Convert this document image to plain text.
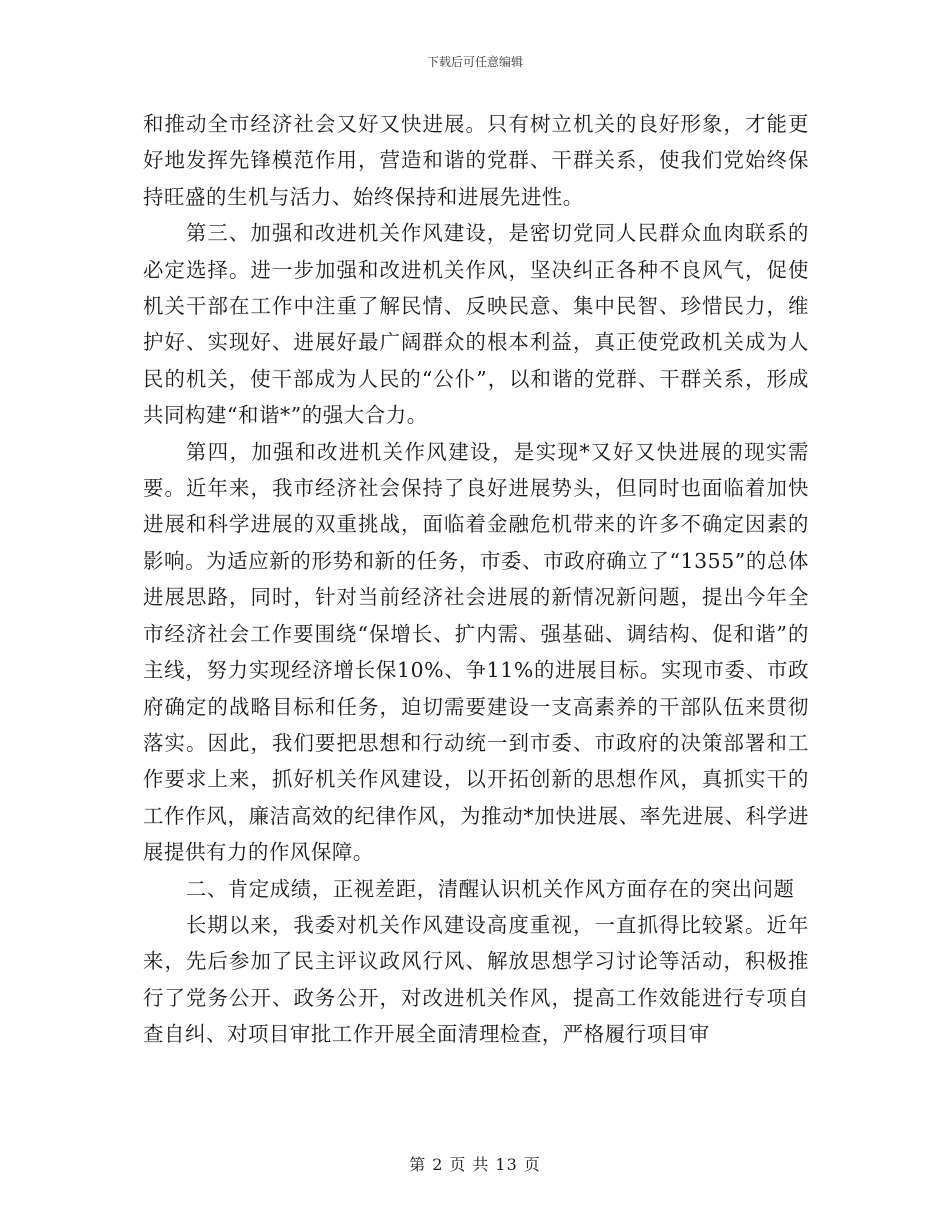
下载后可任意编辑

和推动全市经济社会又好又快进展。只有树立机关的良好形象，才能更好地发挥先锋模范作用，营造和谐的党群、干群关系，使我们党始终保持旺盛的生机与活力、始终保持和进展先进性。

第三、加强和改进机关作风建设，是密切党同人民群众血肉联系的必定选择。进一步加强和改进机关作风，坚决纠正各种不良风气，促使机关干部在工作中注重了解民情、反映民意、集中民智、珍惜民力，维护好、实现好、进展好最广阔群众的根本利益，真正使党政机关成为人民的机关，使干部成为人民的“公仆”，以和谐的党群、干群关系，形成共同构建“和谐*”的强大合力。

第四，加强和改进机关作风建设，是实现*又好又快进展的现实需要。近年来，我市经济社会保持了良好进展势头，但同时也面临着加快进展和科学进展的双重挑战，面临着金融危机带来的许多不确定因素的影响。为适应新的形势和新的任务，市委、市政府确立了“1355”的总体进展思路，同时，针对当前经济社会进展的新情况新问题，提出今年全市经济社会工作要围绕“保增长、扩内需、强基础、调结构、促和谐”的主线，努力实现经济增长保10%、争11%的进展目标。实现市委、市政府确定的战略目标和任务，迫切需要建设一支高素养的干部队伍来贯彻落实。因此，我们要把思想和行动统一到市委、市政府的决策部署和工作要求上来，抓好机关作风建设，以开拓创新的思想作风，真抓实干的工作作风，廉洁高效的纪律作风，为推动*加快进展、率先进展、科学进展提供有力的作风保障。

二、肯定成绩，正视差距，清醒认识机关作风方面存在的突出问题

长期以来，我委对机关作风建设高度重视，一直抓得比较紧。近年来，先后参加了民主评议政风行风、解放思想学习讨论等活动，积极推行了党务公开、政务公开，对改进机关作风，提高工作效能进行专项自查自纠、对项目审批工作开展全面清理检查，严格履行项目审

第 2 页 共 13 页
